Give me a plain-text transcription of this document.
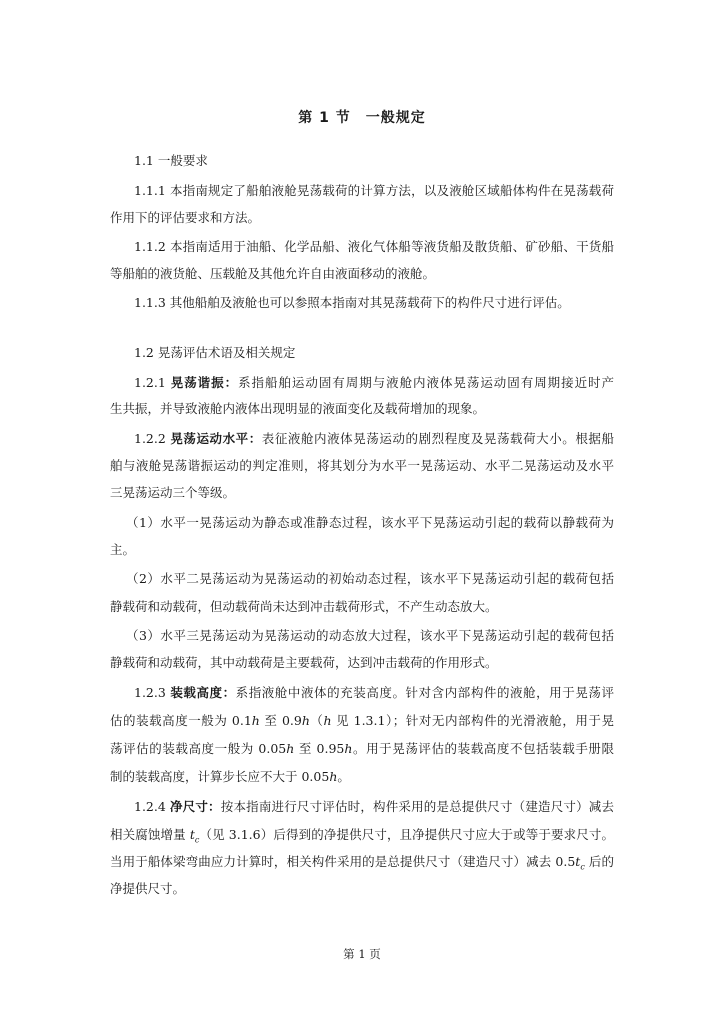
第 1 节　一般规定
1.1 一般要求
1.1.1 本指南规定了船舶液舱晃荡载荷的计算方法，以及液舱区域船体构件在晃荡载荷
作用下的评估要求和方法。
1.1.2 本指南适用于油船、化学品船、液化气体船等液货船及散货船、矿砂船、干货船
等船舶的液货舱、压载舱及其他允许自由液面移动的液舱。
1.1.3 其他船舶及液舱也可以参照本指南对其晃荡载荷下的构件尺寸进行评估。
1.2 晃荡评估术语及相关规定
1.2.1 晃荡谐振：系指船舶运动固有周期与液舱内液体晃荡运动固有周期接近时产
生共振，并导致液舱内液体出现明显的液面变化及载荷增加的现象。
1.2.2 晃荡运动水平：表征液舱内液体晃荡运动的剧烈程度及晃荡载荷大小。根据船
舶与液舱晃荡谐振运动的判定准则，将其划分为水平一晃荡运动、水平二晃荡运动及水平
三晃荡运动三个等级。
（1）水平一晃荡运动为静态或准静态过程，该水平下晃荡运动引起的载荷以静载荷为
主。
（2）水平二晃荡运动为晃荡运动的初始动态过程，该水平下晃荡运动引起的载荷包括
静载荷和动载荷，但动载荷尚未达到冲击载荷形式，不产生动态放大。
（3）水平三晃荡运动为晃荡运动的动态放大过程，该水平下晃荡运动引起的载荷包括
静载荷和动载荷，其中动载荷是主要载荷，达到冲击载荷的作用形式。
1.2.3 装载高度：系指液舱中液体的充装高度。针对含内部构件的液舱，用于晃荡评
估的装载高度一般为 0.1h 至 0.9h（h 见 1.3.1）；针对无内部构件的光滑液舱，用于晃
荡评估的装载高度一般为 0.05h 至 0.95h。用于晃荡评估的装载高度不包括装载手册限
制的装载高度，计算步长应不大于 0.05h。
1.2.4 净尺寸：按本指南进行尺寸评估时，构件采用的是总提供尺寸（建造尺寸）减去
相关腐蚀增量 $t_c$（见 3.1.6）后得到的净提供尺寸，且净提供尺寸应大于或等于要求尺寸。
当用于船体梁弯曲应力计算时，相关构件采用的是总提供尺寸（建造尺寸）减去 $0.5t_c$ 后的
净提供尺寸。
第 1 页
